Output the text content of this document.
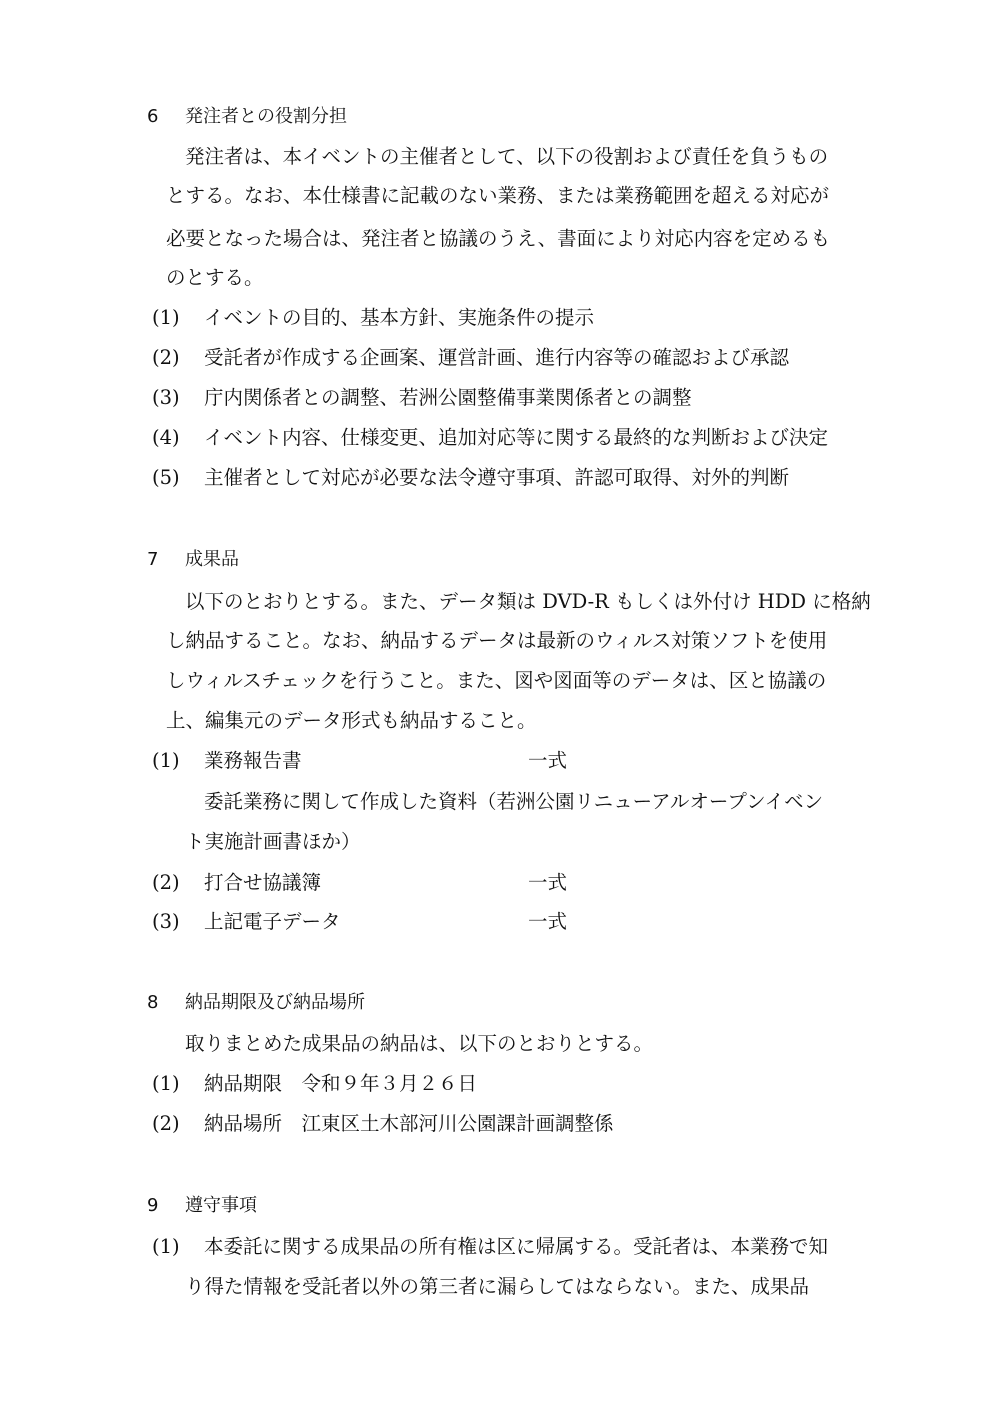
6 発注者との役割分担
発注者は、本イベントの主催者として、以下の役割および責任を負うもの
とする。なお、本仕様書に記載のない業務、または業務範囲を超える対応が
必要となった場合は、発注者と協議のうえ、書面により対応内容を定めるも
のとする。
(1) イベントの目的、基本方針、実施条件の提示
(2) 受託者が作成する企画案、運営計画、進行内容等の確認および承認
(3) 庁内関係者との調整、若洲公園整備事業関係者との調整
(4) イベント内容、仕様変更、追加対応等に関する最終的な判断および決定
(5) 主催者として対応が必要な法令遵守事項、許認可取得、対外的判断
7 成果品
以下のとおりとする。また、データ類は DVD-R もしくは外付け HDD に格納
し納品すること。なお、納品するデータは最新のウィルス対策ソフトを使用
しウィルスチェックを行うこと。また、図や図面等のデータは、区と協議の
上、編集元のデータ形式も納品すること。
(1) 業務報告書	一式
委託業務に関して作成した資料（若洲公園リニューアルオープンイベン
ト実施計画書ほか）
(2) 打合せ協議簿	一式
(3) 上記電子データ	一式
8 納品期限及び納品場所
取りまとめた成果品の納品は、以下のとおりとする。
(1) 納品期限　令和９年３月２６日
(2) 納品場所　江東区土木部河川公園課計画調整係
9 遵守事項
(1) 本委託に関する成果品の所有権は区に帰属する。受託者は、本業務で知
り得た情報を受託者以外の第三者に漏らしてはならない。また、成果品
